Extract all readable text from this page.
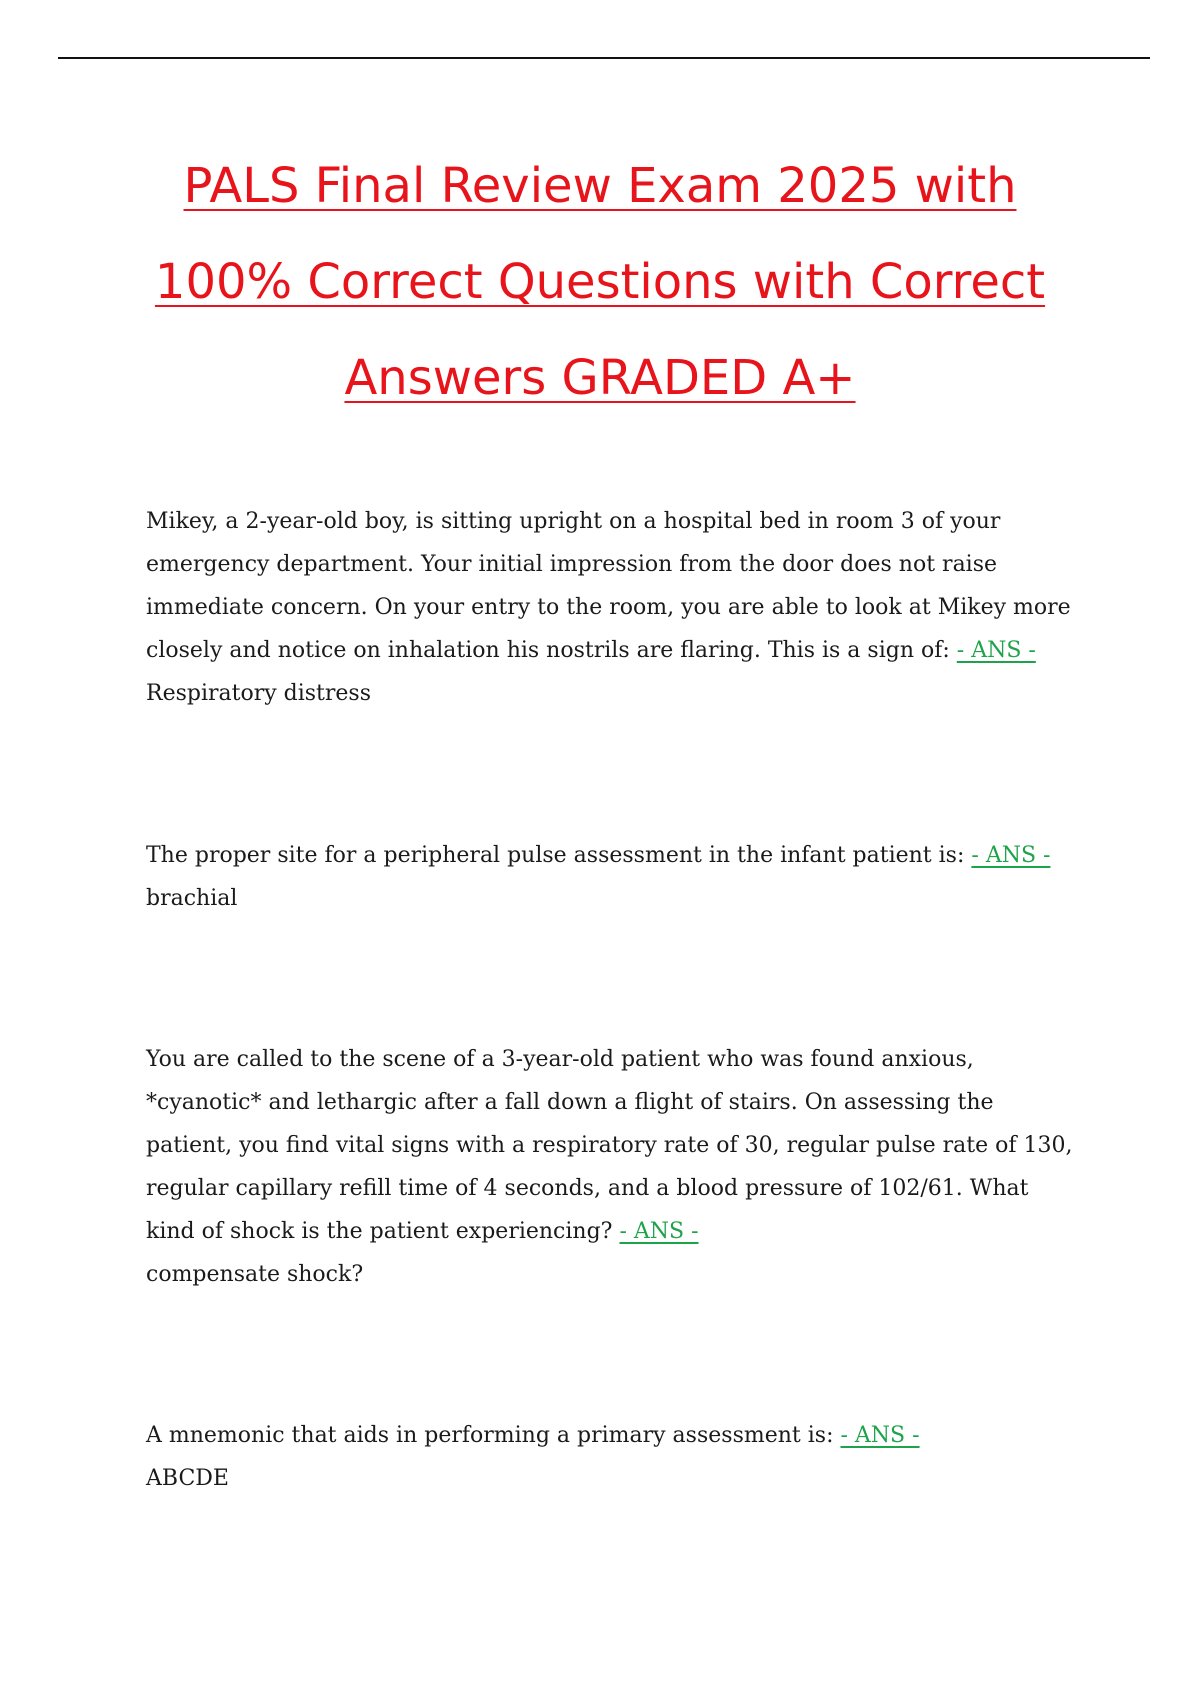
PALS Final Review Exam 2025 with
100% Correct Questions with Correct
Answers GRADED A+

Mikey, a 2-year-old boy, is sitting upright on a hospital bed in room 3 of your emergency department. Your initial impression from the door does not raise immediate concern. On your entry to the room, you are able to look at Mikey more closely and notice on inhalation his nostrils are flaring. This is a sign of: - ANS -

Respiratory distress

The proper site for a peripheral pulse assessment in the infant patient is: - ANS -

brachial

You are called to the scene of a 3-year-old patient who was found anxious, *cyanotic* and lethargic after a fall down a flight of stairs. On assessing the patient, you find vital signs with a respiratory rate of 30, regular pulse rate of 130, regular capillary refill time of 4 seconds, and a blood pressure of 102/61. What kind of shock is the patient experiencing? - ANS -

compensate shock?

A mnemonic that aids in performing a primary assessment is: - ANS -

ABCDE
